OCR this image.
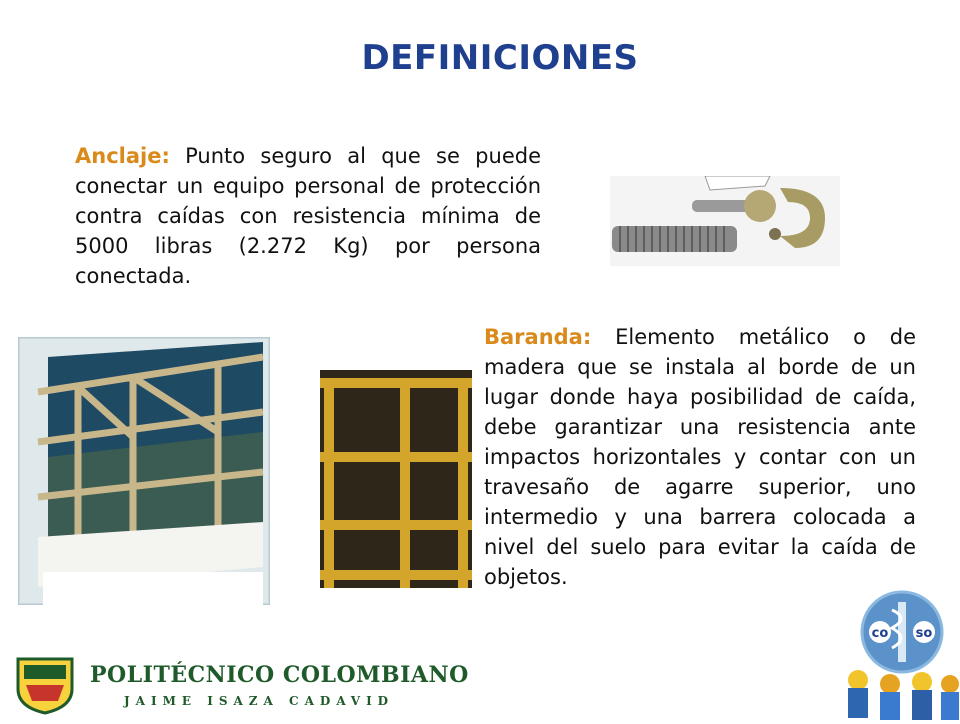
DEFINICIONES
Anclaje: Punto seguro al que se puede conectar un equipo personal de protección contra caídas con resistencia mínima de 5000 libras (2.272 Kg) por persona conectada.
Baranda: Elemento metálico o de madera que se instala al borde de un lugar donde haya posibilidad de caída, debe garantizar una resistencia ante impactos horizontales y contar con un travesaño de agarre superior, uno intermedio y una barrera colocada a nivel del suelo para evitar la caída de objetos.
POLITÉCNICO COLOMBIANO
JAIME ISAZA CADAVID
co so
